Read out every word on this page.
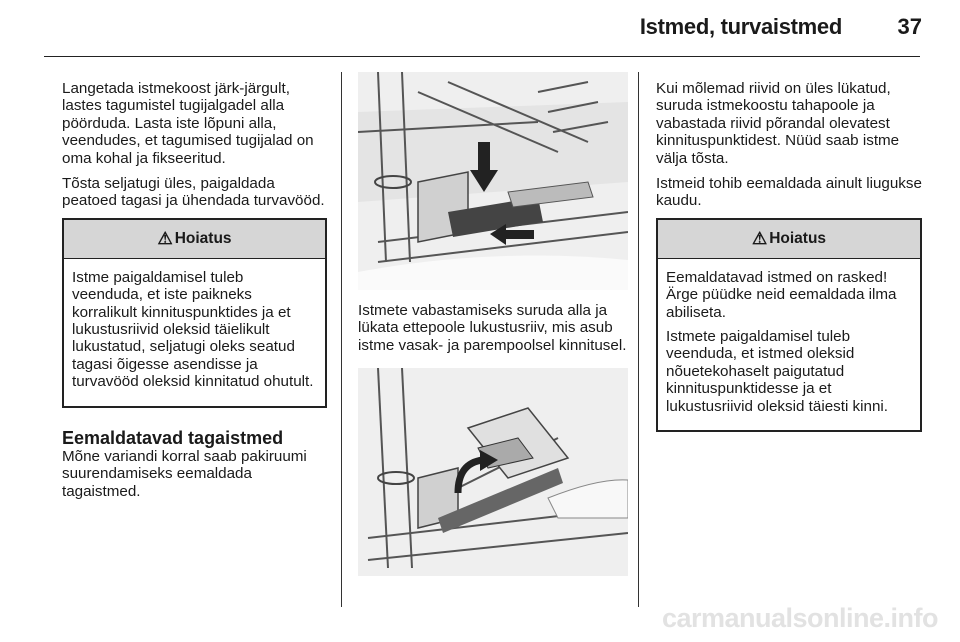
Istmed, turvaistmed	37

Langetada istmekoost järk-järgult, lastes tagumistel tugijalgadel alla pöörduda. Lasta iste lõpuni alla, veendudes, et tagumised tugijalad on oma kohal ja fikseeritud.

Tõsta seljatugi üles, paigaldada peatoed tagasi ja ühendada turvavööd.

⚠ Hoiatus

Istme paigaldamisel tuleb veenduda, et iste paikneks korralikult kinnituspunktides ja et lukustusriivid oleksid täielikult lukustatud, seljatugi oleks seatud tagasi õigesse asendisse ja turvavööd oleksid kinnitatud ohutult.

Eemaldatavad tagaistmed

Mõne variandi korral saab pakiruumi suurendamiseks eemaldada tagaistmed.

Istmete vabastamiseks suruda alla ja lükata ettepoole lukustusriiv, mis asub istme vasak- ja parempoolsel kinnitusel.

Kui mõlemad riivid on üles lükatud, suruda istmekoostu tahapoole ja vabastada riivid põrandal olevatest kinnituspunktidest. Nüüd saab istme välja tõsta.

Istmeid tohib eemaldada ainult liugukse kaudu.

⚠ Hoiatus

Eemaldatavad istmed on rasked! Ärge püüdke neid eemaldada ilma abiliseta.

Istmete paigaldamisel tuleb veenduda, et istmed oleksid nõuetekohaselt paigutatud kinnituspunktidesse ja et lukustusriivid oleksid täiesti kinni.

carmanualsonline.info
